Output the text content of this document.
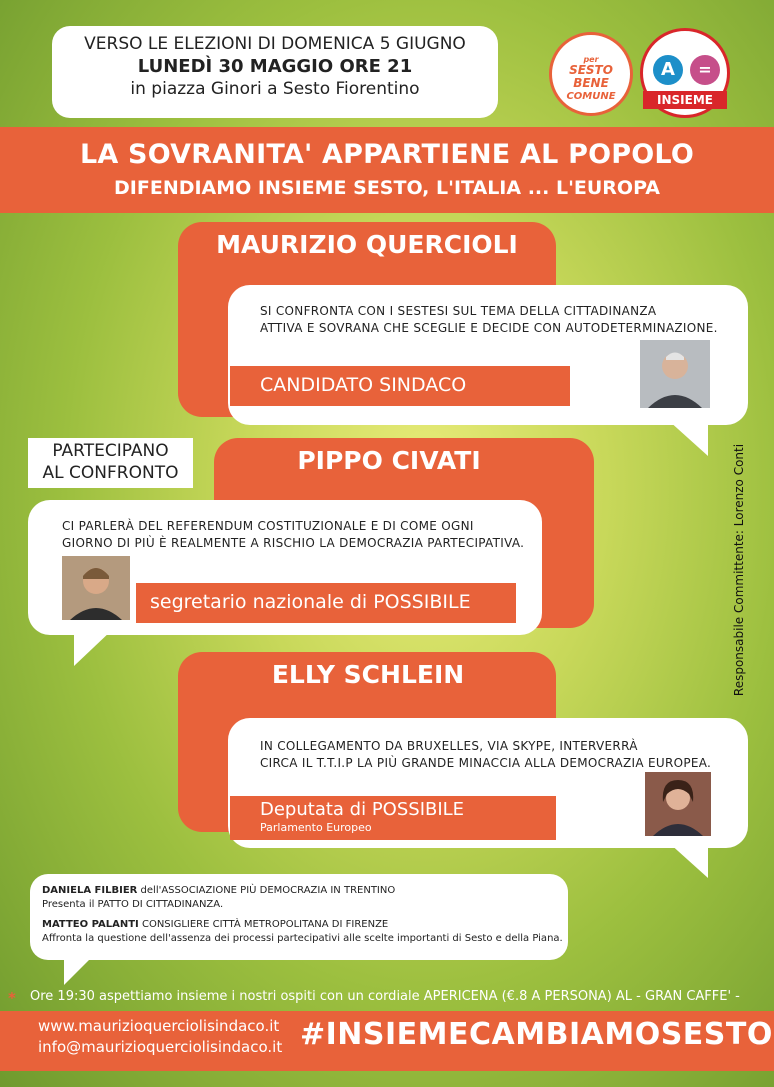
VERSO LE ELEZIONI DI DOMENICA 5 GIUGNO
LUNEDÌ 30 MAGGIO ORE 21
in piazza Ginori a Sesto Fiorentino
per
SESTO
BENE
COMUNE
A	=
INSIEME
LA SOVRANITA' APPARTIENE AL POPOLO
DIFENDIAMO INSIEME SESTO, L'ITALIA ... L'EUROPA
MAURIZIO QUERCIOLI
SI CONFRONTA CON I SESTESI SUL TEMA DELLA CITTADINANZA
ATTIVA E SOVRANA CHE SCEGLIE E DECIDE CON AUTODETERMINAZIONE.
CANDIDATO SINDACO
PARTECIPANO
AL CONFRONTO	PIPPO CIVATI
CI PARLERÀ DEL REFERENDUM COSTITUZIONALE E DI COME OGNI
GIORNO DI PIÙ È REALMENTE A RISCHIO LA DEMOCRAZIA PARTECIPATIVA.
segretario nazionale di POSSIBILE
ELLY SCHLEIN
IN COLLEGAMENTO DA BRUXELLES, VIA SKYPE, INTERVERRÀ
CIRCA IL T.T.I.P LA PIÙ GRANDE MINACCIA ALLA DEMOCRAZIA EUROPEA.
Deputata di POSSIBILE
Parlamento Europeo
Responsabile Committente: Lorenzo Conti
DANIELA FILBIER dell'ASSOCIAZIONE PIÙ DEMOCRAZIA IN TRENTINO
Presenta il PATTO DI CITTADINANZA.
MATTEO PALANTI CONSIGLIERE CITTÀ METROPOLITANA DI FIRENZE
Affronta la questione dell'assenza dei processi partecipativi alle scelte importanti di Sesto e della Piana.
* Ore 19:30 aspettiamo insieme i nostri ospiti con un cordiale APERICENA (€.8 A PERSONA) AL - GRAN CAFFE' -
www.maurizioquerciolisindaco.it
info@maurizioquerciolisindaco.it #INSIEMECAMBIAMOSESTO
